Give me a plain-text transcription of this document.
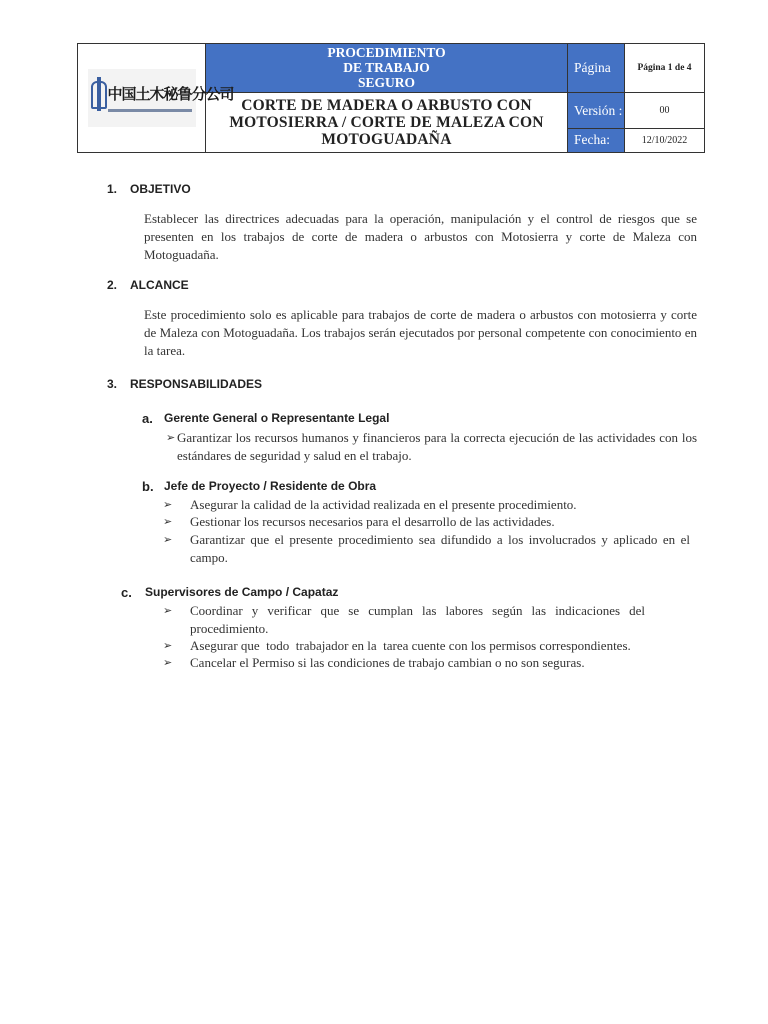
中国土木秘鲁分公司	PROCEDIMIENTO
DE TRABAJO
SEGURO	Página	Página 1 de 4

	CORTE DE MADERA O ARBUSTO CON
MOTOSIERRA / CORTE DE MALEZA CON
MOTOGUADAÑA	Versión :	00
		Fecha:	12/10/2022
1. OBJETIVO
Establecer las directrices adecuadas para la operación, manipulación y el control de riesgos que se presenten en los trabajos de corte de madera o arbustos con Motosierra y corte de Maleza con Motoguadaña.
2. ALCANCE
Este procedimiento solo es aplicable para trabajos de corte de madera o arbustos con motosierra y corte de Maleza con Motoguadaña. Los trabajos serán ejecutados por personal competente con conocimiento en la tarea.
3. RESPONSABILIDADES
a. Gerente General o Representante Legal
➢ Garantizar los recursos humanos y financieros para la correcta ejecución de las actividades con los estándares de seguridad y salud en el trabajo.
b. Jefe de Proyecto / Residente de Obra
➢ Asegurar la calidad de la actividad realizada en el presente procedimiento.
➢ Gestionar los recursos necesarios para el desarrollo de las actividades.
➢ Garantizar que el presente procedimiento sea difundido a los involucrados y aplicado en el campo.
c. Supervisores de Campo / Capataz
➢ Coordinar y verificar que se cumplan las labores según las indicaciones del procedimiento.
➢ Asegurar que  todo  trabajador en la  tarea cuente con los permisos correspondientes.
➢ Cancelar el Permiso si las condiciones de trabajo cambian o no son seguras.
